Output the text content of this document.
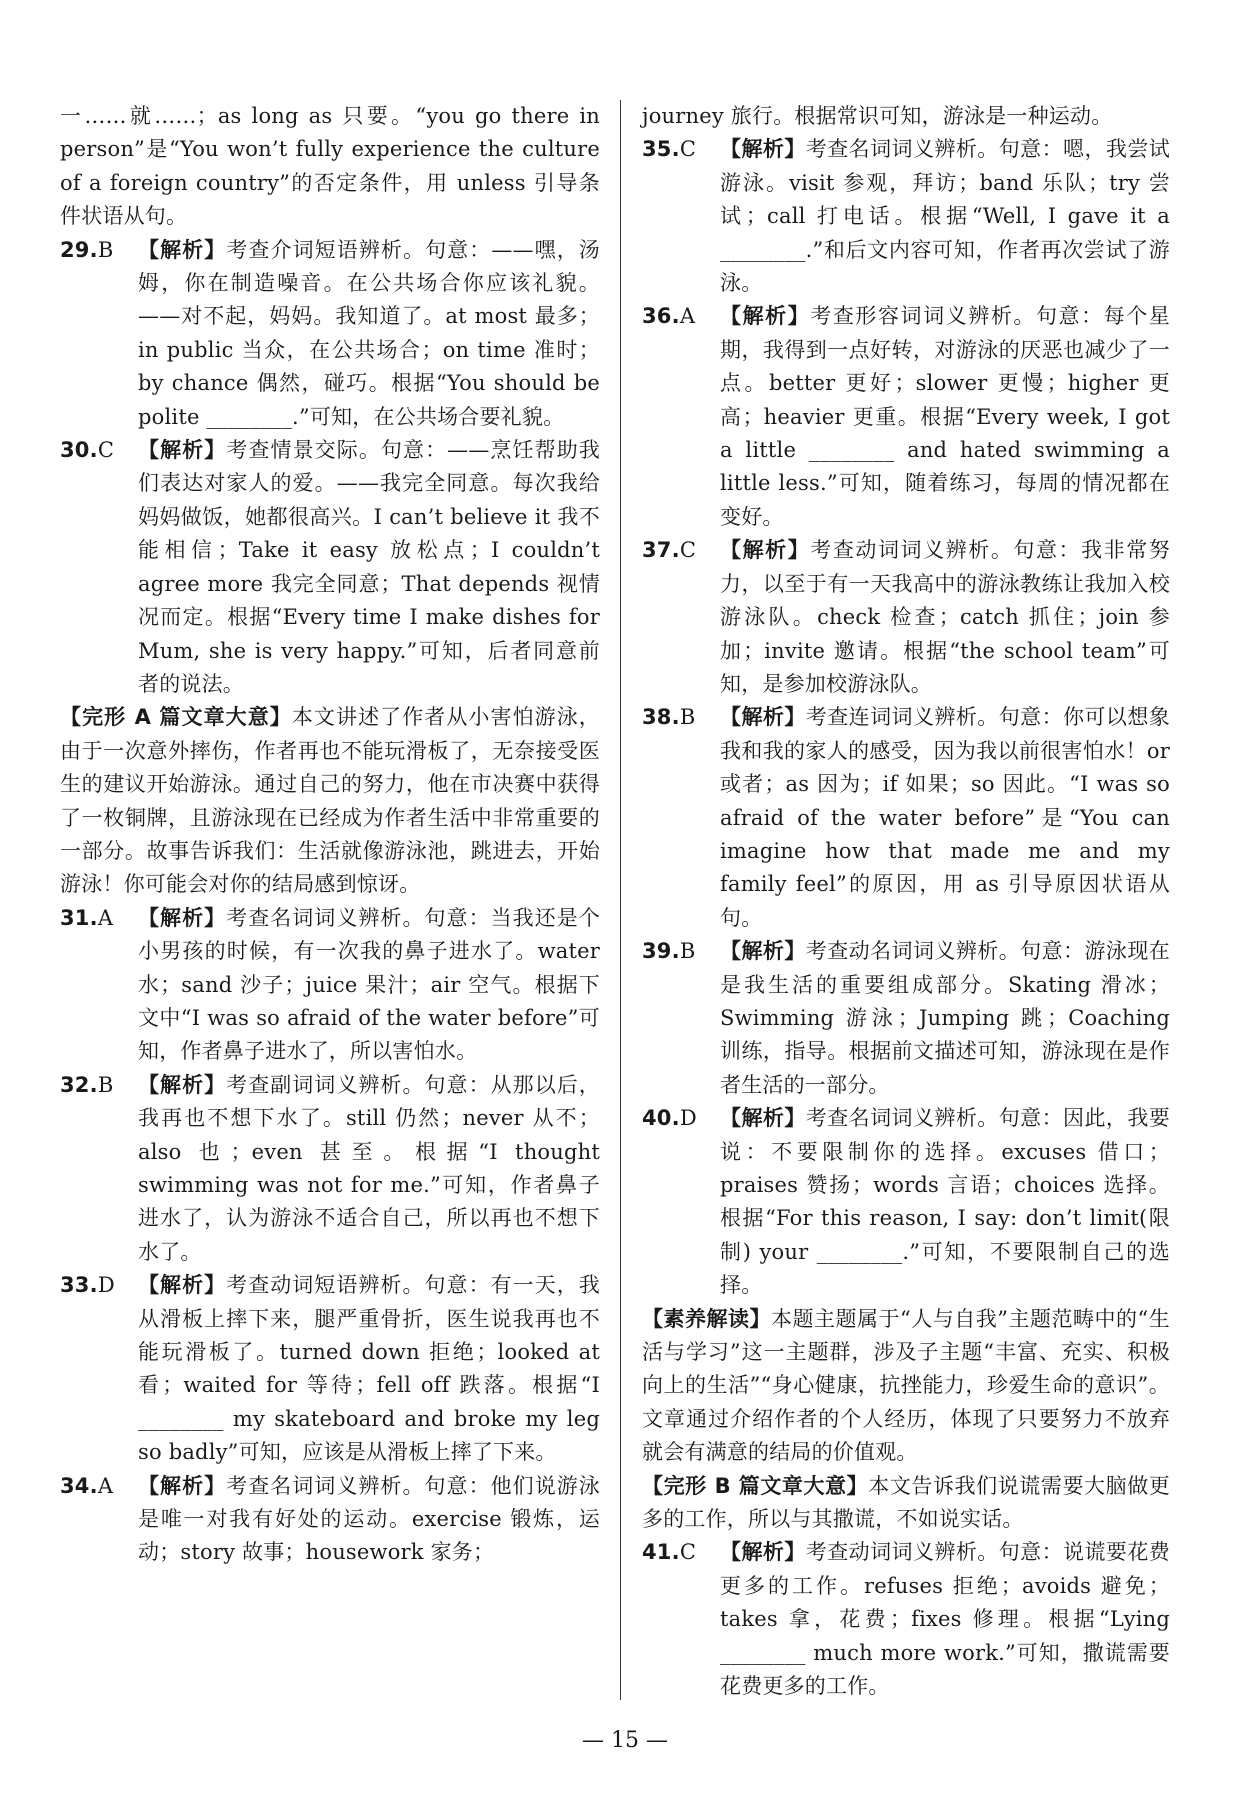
一……就……；as long as 只要。“you go there in person”是“You won’t fully experience the culture of a foreign country”的否定条件，用 unless 引导条件状语从句。

29.B 【解析】考查介词短语辨析。句意：——嘿，汤姆，你在制造噪音。在公共场合你应该礼貌。——对不起，妈妈。我知道了。at most 最多；in public 当众，在公共场合；on time 准时；by chance 偶然，碰巧。根据“You should be polite ________.”可知，在公共场合要礼貌。
30.C 【解析】考查情景交际。句意：——烹饪帮助我们表达对家人的爱。——我完全同意。每次我给妈妈做饭，她都很高兴。I can’t believe it 我不能相信；Take it easy 放松点；I couldn’t agree more 我完全同意；That depends 视情况而定。根据“Every time I make dishes for Mum, she is very happy.”可知，后者同意前者的说法。

【完形 A 篇文章大意】本文讲述了作者从小害怕游泳，由于一次意外摔伤，作者再也不能玩滑板了，无奈接受医生的建议开始游泳。通过自己的努力，他在市决赛中获得了一枚铜牌，且游泳现在已经成为作者生活中非常重要的一部分。故事告诉我们：生活就像游泳池，跳进去，开始游泳！你可能会对你的结局感到惊讶。

31.A 【解析】考查名词词义辨析。句意：当我还是个小男孩的时候，有一次我的鼻子进水了。water 水；sand 沙子；juice 果汁；air 空气。根据下文中“I was so afraid of the water before”可知，作者鼻子进水了，所以害怕水。
32.B 【解析】考查副词词义辨析。句意：从那以后，我再也不想下水了。still 仍然；never 从不；also 也；even 甚至。根据“I thought swimming was not for me.”可知，作者鼻子进水了，认为游泳不适合自己，所以再也不想下水了。
33.D 【解析】考查动词短语辨析。句意：有一天，我从滑板上摔下来，腿严重骨折，医生说我再也不能玩滑板了。turned down 拒绝；looked at 看；waited for 等待；fell off 跌落。根据“I ________ my skateboard and broke my leg so badly”可知，应该是从滑板上摔了下来。
34.A 【解析】考查名词词义辨析。句意：他们说游泳是唯一对我有好处的运动。exercise 锻炼，运动；story 故事；housework 家务；

journey 旅行。根据常识可知，游泳是一种运动。

35.C 【解析】考查名词词义辨析。句意：嗯，我尝试游泳。visit 参观，拜访；band 乐队；try 尝试；call 打电话。根据“Well, I gave it a ________.”和后文内容可知，作者再次尝试了游泳。
36.A 【解析】考查形容词词义辨析。句意：每个星期，我得到一点好转，对游泳的厌恶也减少了一点。better 更好；slower 更慢；higher 更高；heavier 更重。根据“Every week, I got a little ________ and hated swimming a little less.”可知，随着练习，每周的情况都在变好。
37.C 【解析】考查动词词义辨析。句意：我非常努力，以至于有一天我高中的游泳教练让我加入校游泳队。check 检查；catch 抓住；join 参加；invite 邀请。根据“the school team”可知，是参加校游泳队。
38.B 【解析】考查连词词义辨析。句意：你可以想象我和我的家人的感受，因为我以前很害怕水！or 或者；as 因为；if 如果；so 因此。“I was so afraid of the water before”是“You can imagine how that made me and my family feel”的原因，用 as 引导原因状语从句。
39.B 【解析】考查动名词词义辨析。句意：游泳现在是我生活的重要组成部分。Skating 滑冰；Swimming 游泳；Jumping 跳；Coaching 训练，指导。根据前文描述可知，游泳现在是作者生活的一部分。
40.D 【解析】考查名词词义辨析。句意：因此，我要说：不要限制你的选择。excuses 借口；praises 赞扬；words 言语；choices 选择。根据“For this reason, I say: don’t limit(限制) your ________.”可知，不要限制自己的选择。

【素养解读】本题主题属于“人与自我”主题范畴中的“生活与学习”这一主题群，涉及子主题“丰富、充实、积极向上的生活”“身心健康，抗挫能力，珍爱生命的意识”。文章通过介绍作者的个人经历，体现了只要努力不放弃就会有满意的结局的价值观。

【完形 B 篇文章大意】本文告诉我们说谎需要大脑做更多的工作，所以与其撒谎，不如说实话。

41.C 【解析】考查动词词义辨析。句意：说谎要花费更多的工作。refuses 拒绝；avoids 避免；takes 拿，花费；fixes 修理。根据“Lying ________ much more work.”可知，撒谎需要花费更多的工作。
— 15 —
